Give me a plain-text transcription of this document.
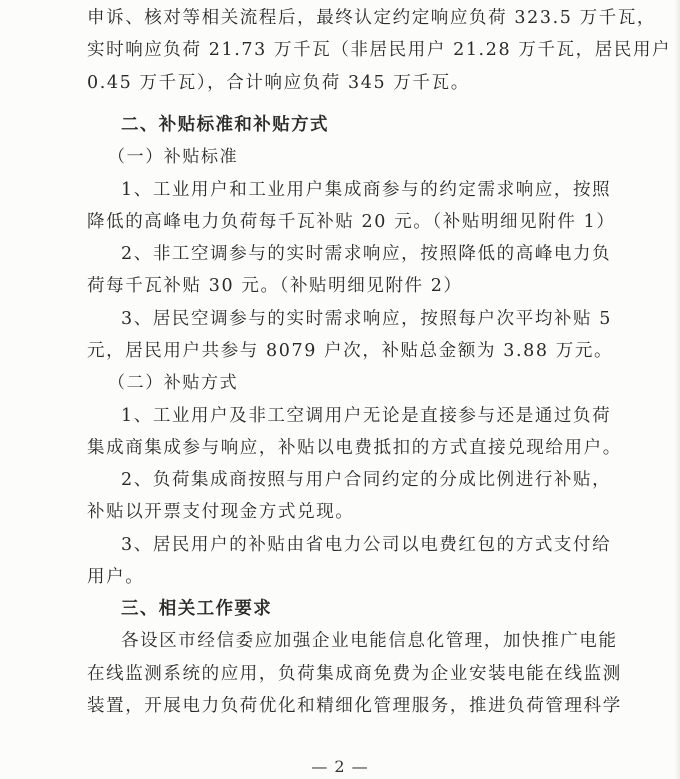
申诉、核对等相关流程后，最终认定约定响应负荷 323.5 万千瓦，
实时响应负荷 21.73 万千瓦（非居民用户 21.28 万千瓦，居民用户
0.45 万千瓦），合计响应负荷 345 万千瓦。
二、补贴标准和补贴方式
（一）补贴标准
1、工业用户和工业用户集成商参与的约定需求响应，按照
降低的高峰电力负荷每千瓦补贴 20 元。（补贴明细见附件 1）
2、非工空调参与的实时需求响应，按照降低的高峰电力负
荷每千瓦补贴 30 元。（补贴明细见附件 2）
3、居民空调参与的实时需求响应，按照每户次平均补贴 5
元，居民用户共参与 8079 户次，补贴总金额为 3.88 万元。
（二）补贴方式
1、工业用户及非工空调用户无论是直接参与还是通过负荷
集成商集成参与响应，补贴以电费抵扣的方式直接兑现给用户。
2、负荷集成商按照与用户合同约定的分成比例进行补贴，
补贴以开票支付现金方式兑现。
3、居民用户的补贴由省电力公司以电费红包的方式支付给
用户。
三、相关工作要求
各设区市经信委应加强企业电能信息化管理，加快推广电能
在线监测系统的应用，负荷集成商免费为企业安装电能在线监测
装置，开展电力负荷优化和精细化管理服务，推进负荷管理科学
— 2 —
